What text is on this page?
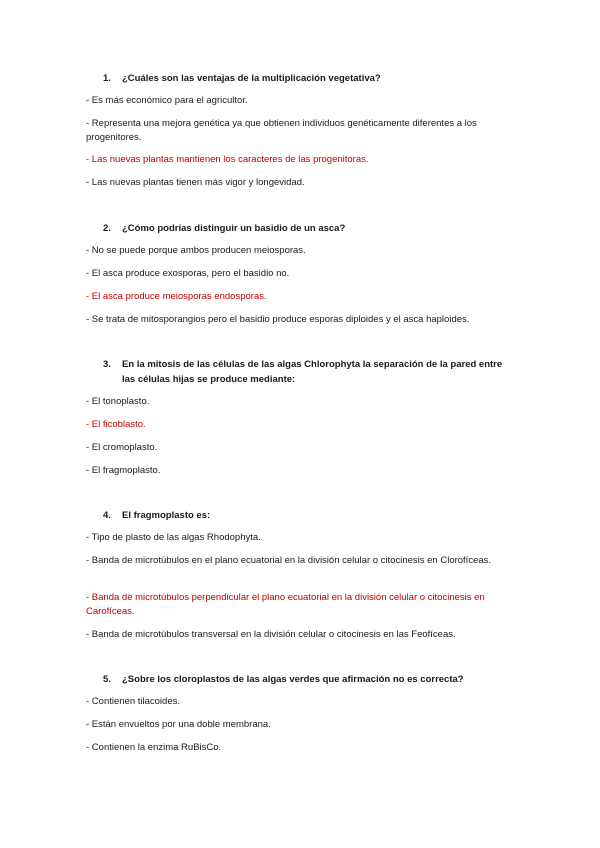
1.	¿Cuáles son las ventajas de la multiplicación vegetativa?
- Es más económico para el agricultor.
- Representa una mejora genética ya que obtienen individuos genéticamente diferentes a los progenitores.
- Las nuevas plantas mantienen los caracteres de las progenitoras.
- Las nuevas plantas tienen más vigor y longevidad.
2.	¿Cómo podrías distinguir un basidio de un asca?
- No se puede porque ambos producen meiosporas.
- El asca produce exosporas, pero el basidio no.
- El asca produce meiosporas endosporas.
- Se trata de mitosporangios pero el basidio produce esporas diploides y el asca haploides.
3.	En la mitosis de las células de las algas Chlorophyta la separación de la pared entre las células hijas se produce mediante:
- El tonoplasto.
- El ficoblasto.
- El cromoplasto.
- El fragmoplasto.
4.	El fragmoplasto es:
- Tipo de plasto de las algas Rhodophyta.
- Banda de microtúbulos en el plano ecuatorial en la división celular o citocinesis en Clorofíceas.
- Banda de microtúbulos perpendicular el plano ecuatorial en la división celular o citocinesis en Carofíceas.
- Banda de microtúbulos transversal en la división celular o citocinesis en las Feofíceas.
5.	¿Sobre los cloroplastos de las algas verdes que afirmación no es correcta?
- Contienen tilacoides.
- Están envueltos por una doble membrana.
- Contienen la enzima RuBisCo.
